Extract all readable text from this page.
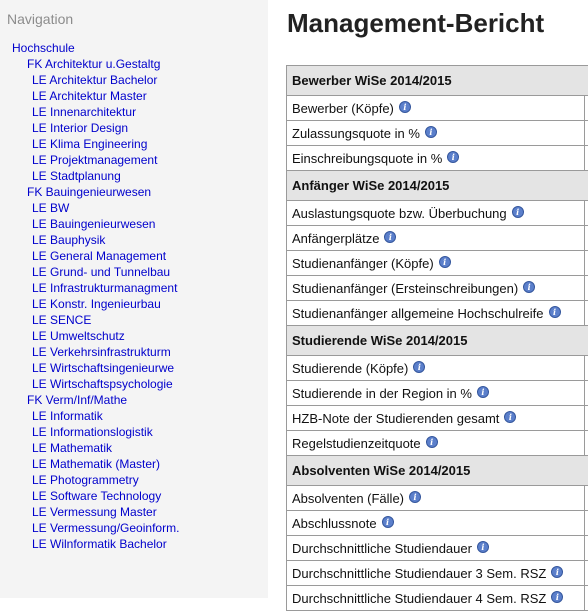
Navigation
Hochschule
FK Architektur u.Gestaltg
LE Architektur Bachelor
LE Architektur Master
LE Innenarchitektur
LE Interior Design
LE Klima Engineering
LE Projektmanagement
LE Stadtplanung
FK Bauingenieurwesen
LE BW
LE Bauingenieurwesen
LE Bauphysik
LE General Management
LE Grund- und Tunnelbau
LE Infrastrukturmanagment
LE Konstr. Ingenieurbau
LE SENCE
LE Umweltschutz
LE Verkehrsinfrastrukturm
LE Wirtschaftsingenieurwe
LE Wirtschaftspsychologie
FK Verm/Inf/Mathe
LE Informatik
LE Informationslogistik
LE Mathematik
LE Mathematik (Master)
LE Photogrammetry
LE Software Technology
LE Vermessung Master
LE Vermessung/Geoinform.
LE Wilnformatik Bachelor
Management-Bericht
Bewerber WiSe 2014/2015	
Bewerber (Köpfe) i	
Zulassungsquote in % i	
Einschreibungsquote in % i	
Anfänger WiSe 2014/2015	
Auslastungsquote bzw. Überbuchung i	
Anfängerplätze i	
Studienanfänger (Köpfe) i	
Studienanfänger (Ersteinschreibungen) i	
Studienanfänger allgemeine Hochschulreife i	
Studierende WiSe 2014/2015	
Studierende (Köpfe) i	
Studierende in der Region in % i	
HZB-Note der Studierenden gesamt i	
Regelstudienzeitquote i	
Absolventen WiSe 2014/2015	
Absolventen (Fälle) i	
Abschlussnote i	
Durchschnittliche Studiendauer i	
Durchschnittliche Studiendauer 3 Sem. RSZ i	
Durchschnittliche Studiendauer 4 Sem. RSZ i	
